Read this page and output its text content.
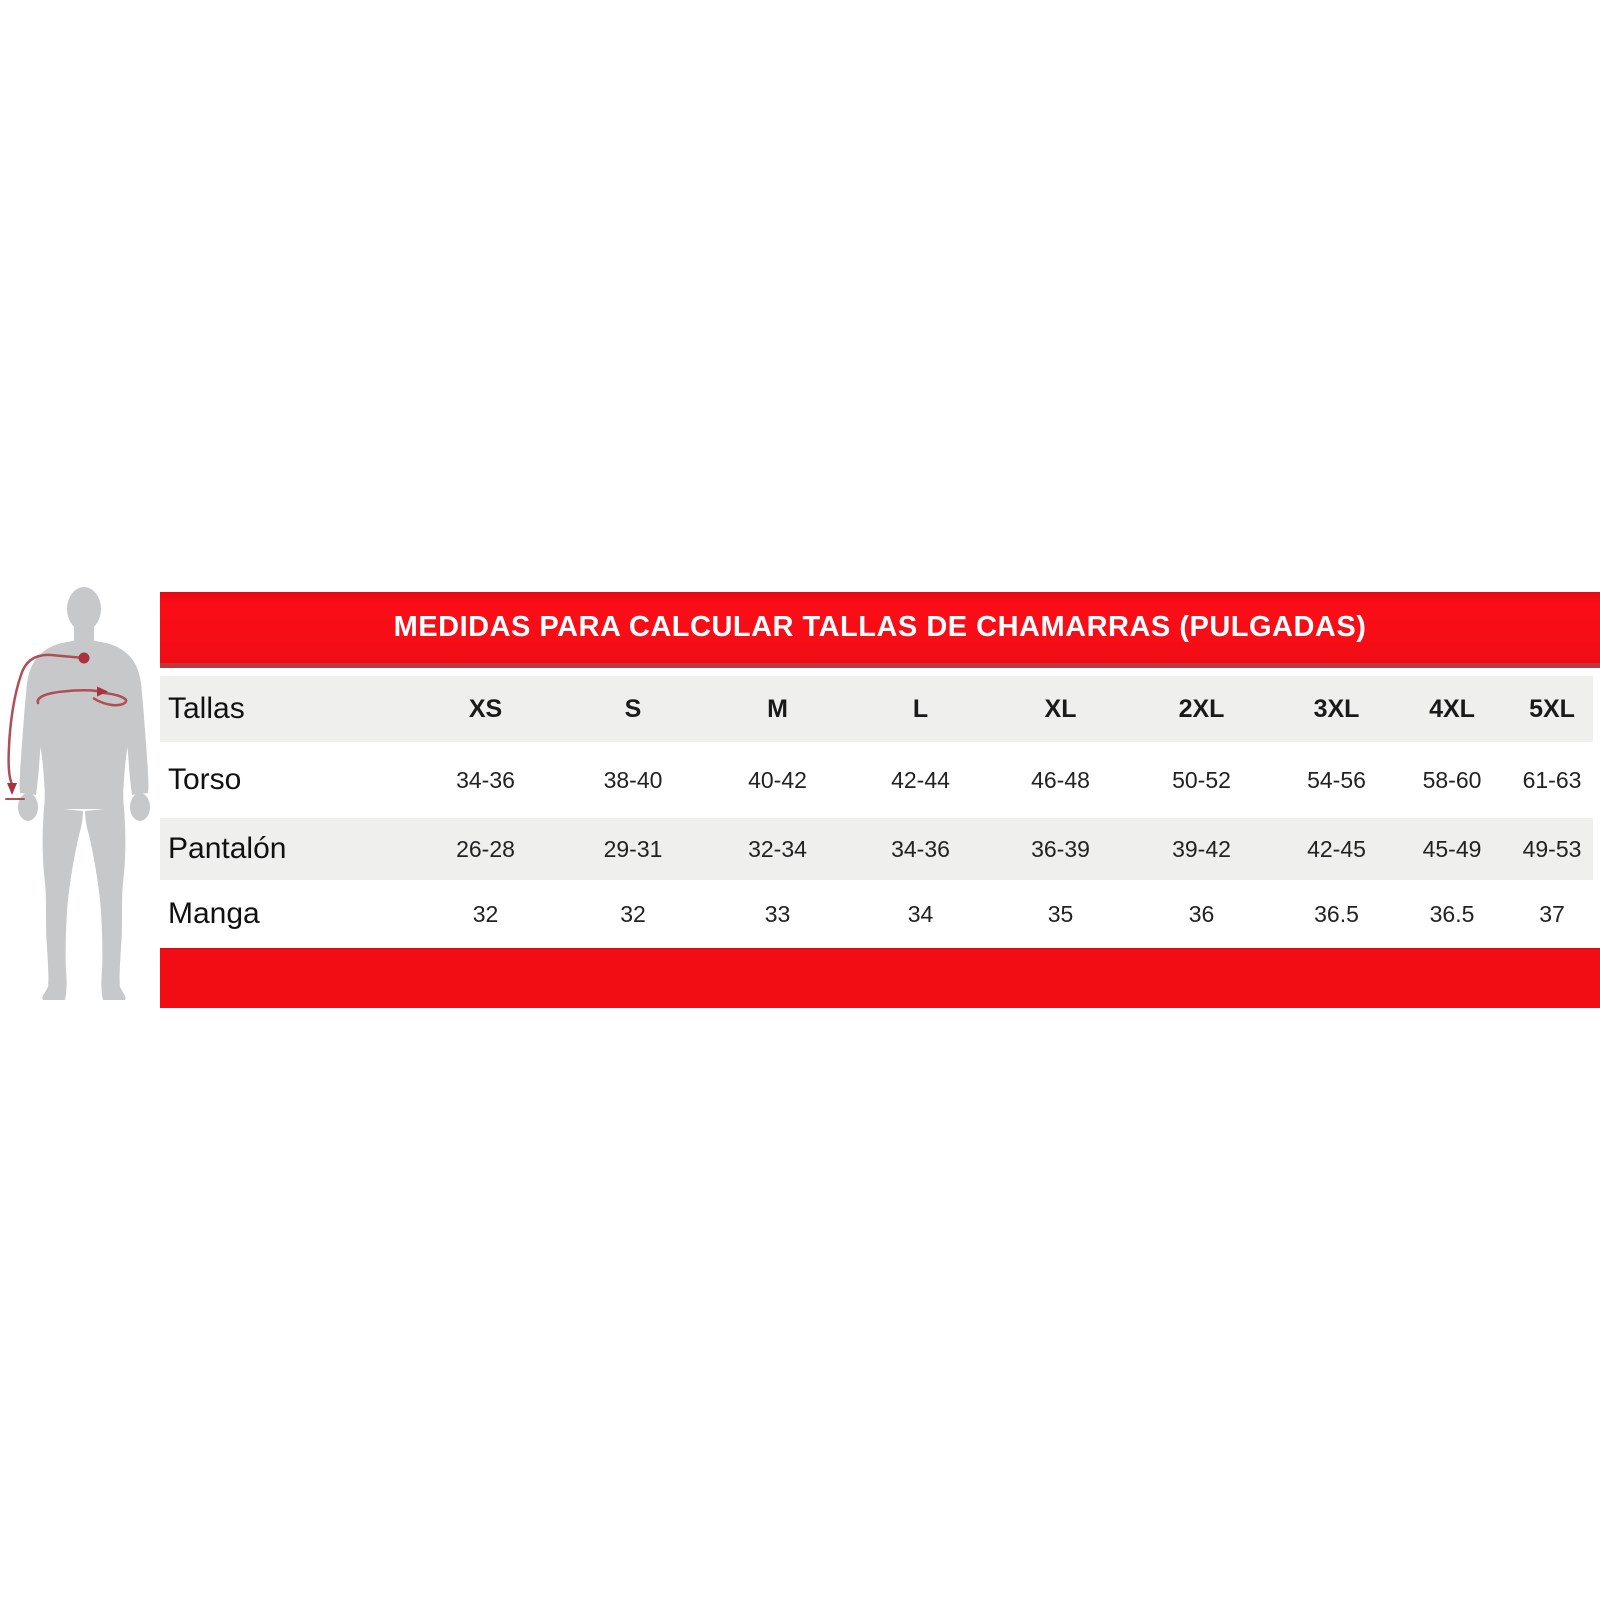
MEDIDAS PARA CALCULAR TALLAS DE CHAMARRAS (PULGADAS)
Tallas	XS	S	M	L	XL	2XL	3XL	4XL	5XL
Torso	34-36	38-40	40-42	42-44	46-48	50-52	54-56	58-60	61-63
Pantalón	26-28	29-31	32-34	34-36	36-39	39-42	42-45	45-49	49-53
Manga	32	32	33	34	35	36	36.5	36.5	37
